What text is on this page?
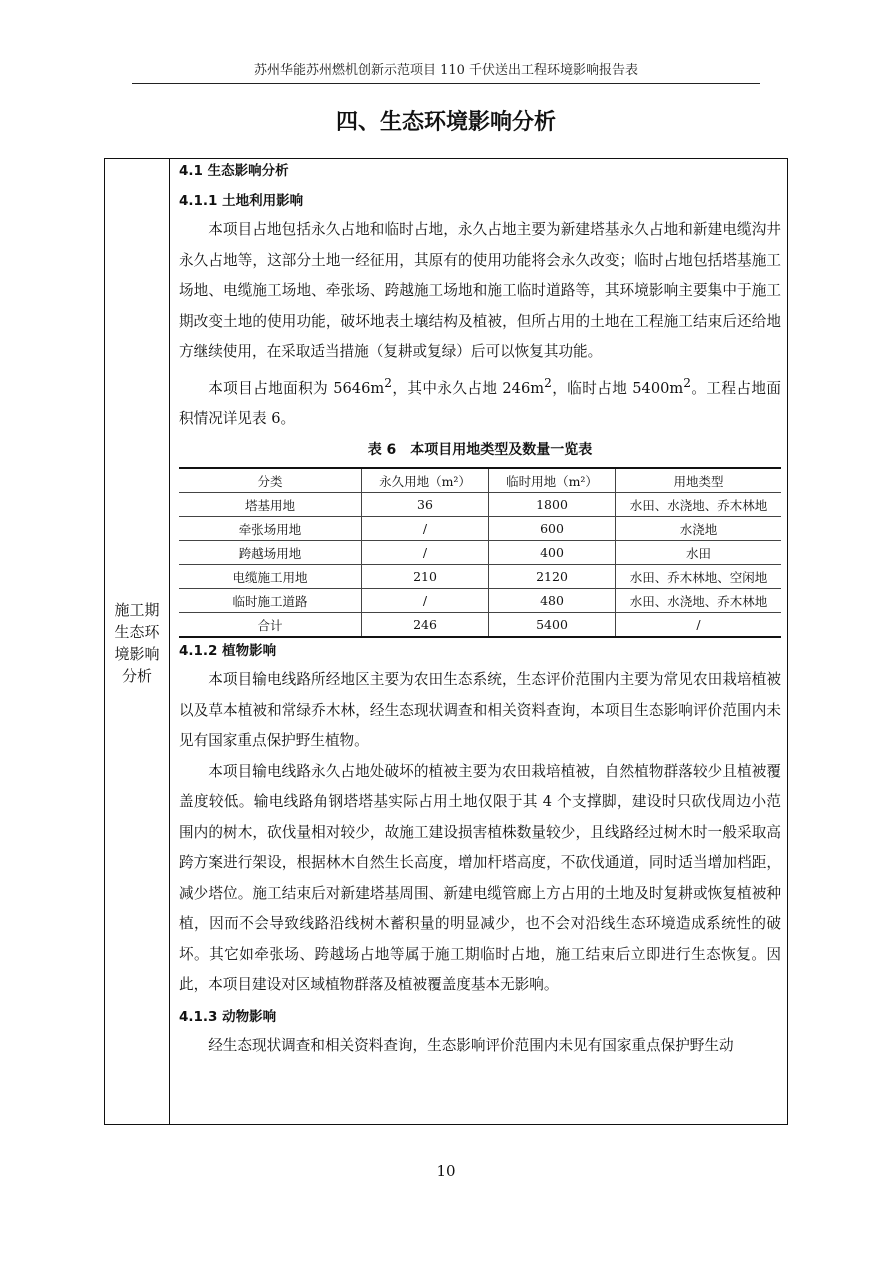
苏州华能苏州燃机创新示范项目 110 千伏送出工程环境影响报告表
四、生态环境影响分析
施工期
生态环
境影响
分析
4.1 生态影响分析
4.1.1 土地利用影响

本项目占地包括永久占地和临时占地，永久占地主要为新建塔基永久占地和新建电缆沟井永久占地等，这部分土地一经征用，其原有的使用功能将会永久改变；临时占地包括塔基施工场地、电缆施工场地、牵张场、跨越施工场地和施工临时道路等，其环境影响主要集中于施工期改变土地的使用功能，破坏地表土壤结构及植被，但所占用的土地在工程施工结束后还给地方继续使用，在采取适当措施（复耕或复绿）后可以恢复其功能。

本项目占地面积为 $5646m^2$，其中永久占地 $246m^2$，临时占地 $5400m^2$。工程占地面积情况详见表 6。

表 6　本项目用地类型及数量一览表
分类	永久用地（m²）	临时用地（m²）	用地类型
塔基用地	36	1800	水田、水浇地、乔木林地
牵张场用地	/	600	水浇地
跨越场用地	/	400	水田
电缆施工用地	210	2120	水田、乔木林地、空闲地
临时施工道路	/	480	水田、水浇地、乔木林地
合计	246	5400	/
4.1.2 植物影响

本项目输电线路所经地区主要为农田生态系统，生态评价范围内主要为常见农田栽培植被以及草本植被和常绿乔木林，经生态现状调查和相关资料查询，本项目生态影响评价范围内未见有国家重点保护野生植物。

本项目输电线路永久占地处破坏的植被主要为农田栽培植被，自然植物群落较少且植被覆盖度较低。输电线路角钢塔塔基实际占用土地仅限于其 4 个支撑脚，建设时只砍伐周边小范围内的树木，砍伐量相对较少，故施工建设损害植株数量较少，且线路经过树木时一般采取高跨方案进行架设，根据林木自然生长高度，增加杆塔高度，不砍伐通道，同时适当增加档距，减少塔位。施工结束后对新建塔基周围、新建电缆管廊上方占用的土地及时复耕或恢复植被种植，因而不会导致线路沿线树木蓄积量的明显减少，也不会对沿线生态环境造成系统性的破坏。其它如牵张场、跨越场占地等属于施工期临时占地，施工结束后立即进行生态恢复。因此，本项目建设对区域植物群落及植被覆盖度基本无影响。

4.1.3 动物影响

经生态现状调查和相关资料查询，生态影响评价范围内未见有国家重点保护野生动

10
